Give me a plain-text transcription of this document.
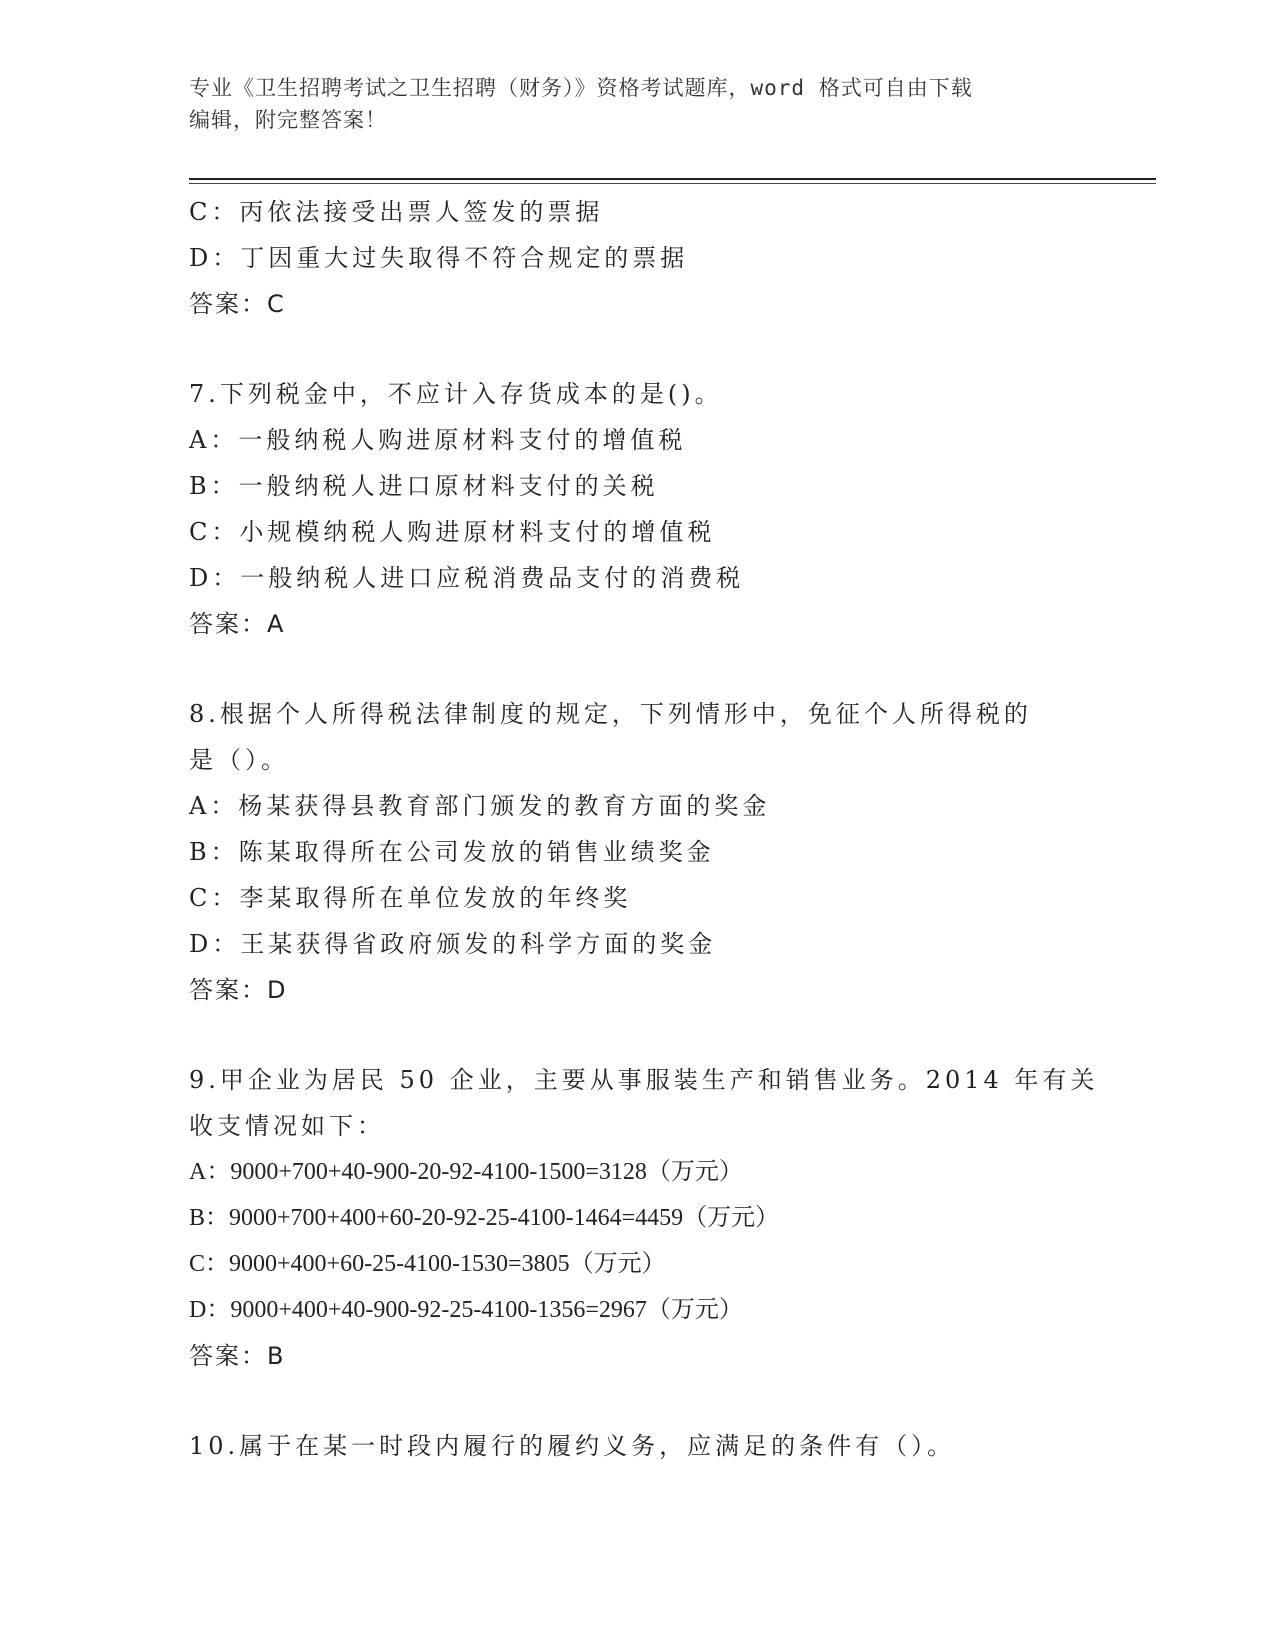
专业《卫生招聘考试之卫生招聘（财务）》资格考试题库，word 格式可自由下载
编辑，附完整答案！
C：丙依法接受出票人签发的票据
D：丁因重大过失取得不符合规定的票据
答案：C
7.下列税金中，不应计入存货成本的是()。
A：一般纳税人购进原材料支付的增值税
B：一般纳税人进口原材料支付的关税
C：小规模纳税人购进原材料支付的增值税
D：一般纳税人进口应税消费品支付的消费税
答案：A
8.根据个人所得税法律制度的规定，下列情形中，免征个人所得税的
是（）。
A：杨某获得县教育部门颁发的教育方面的奖金
B：陈某取得所在公司发放的销售业绩奖金
C：李某取得所在单位发放的年终奖
D：王某获得省政府颁发的科学方面的奖金
答案：D
9.甲企业为居民 50 企业，主要从事服装生产和销售业务。2014 年有关
收支情况如下：
A：9000+700+40-900-20-92-4100-1500=3128（万元）
B：9000+700+400+60-20-92-25-4100-1464=4459（万元）
C：9000+400+60-25-4100-1530=3805（万元）
D：9000+400+40-900-92-25-4100-1356=2967（万元）
答案：B
10.属于在某一时段内履行的履约义务，应满足的条件有（）。
